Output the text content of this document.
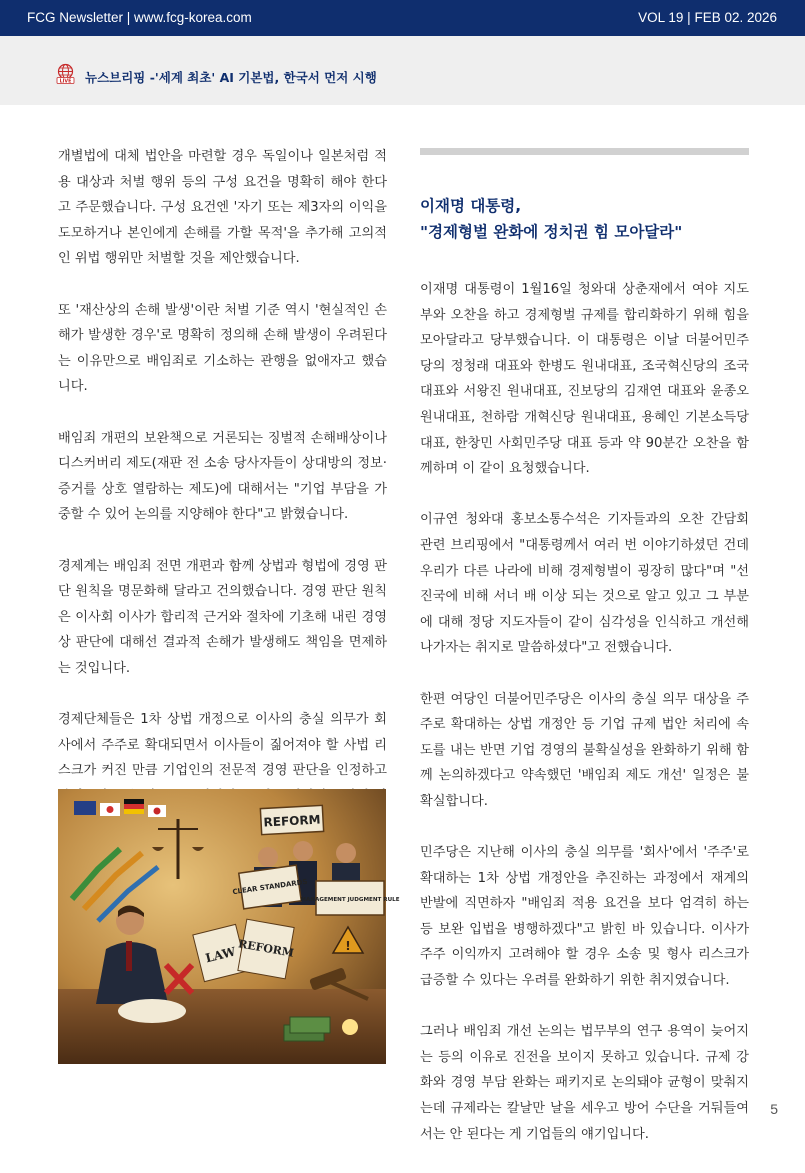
FCG Newsletter | www.fcg-korea.com	VOL 19 | FEB 02. 2026
LIVE 뉴스브리핑 -'세계 최초' AI 기본법, 한국서 먼저 시행

개별법에 대체 법안을 마련할 경우 독일이나 일본처럼 적용 대상과 처벌 행위 등의 구성 요건을 명확히 해야 한다고 주문했습니다. 구성 요건엔 '자기 또는 제3자의 이익을 도모하거나 본인에게 손해를 가할 목적'을 추가해 고의적인 위법 행위만 처벌할 것을 제안했습니다.

또 '재산상의 손해 발생'이란 처벌 기준 역시 '현실적인 손해가 발생한 경우'로 명확히 정의해 손해 발생이 우려된다는 이유만으로 배임죄로 기소하는 관행을 없애자고 했습니다.

배임죄 개편의 보완책으로 거론되는 징벌적 손해배상이나 디스커버리 제도(재판 전 소송 당사자들이 상대방의 정보·증거를 상호 열람하는 제도)에 대해서는 "기업 부담을 가중할 수 있어 논의를 지양해야 한다"고 밝혔습니다.

경제계는 배임죄 전면 개편과 함께 상법과 형법에 경영 판단 원칙을 명문화해 달라고 건의했습니다. 경영 판단 원칙은 이사회 이사가 합리적 근거와 절차에 기초해 내린 경영상 판단에 대해선 결과적 손해가 발생해도 책임을 면제하는 것입니다.

경제단체들은 1차 상법 개정으로 이사의 충실 의무가 회사에서 주주로 확대되면서 이사들이 짊어져야 할 사법 리스크가 커진 만큼 기업인의 전문적 경영 판단을 인정하고

REFORM
CLEAR STANDARDS
MANAGEMENT JUDGMENT RULE
LAW REFORM	!
이재명 대통령,
"경제형벌 완화에 정치권 힘 모아달라"

이재명 대통령이 1월16일 청와대 상춘재에서 여야 지도부와 오찬을 하고 경제형벌 규제를 합리화하기 위해 힘을 모아달라고 당부했습니다. 이 대통령은 이날 더불어민주당의 정청래 대표와 한병도 원내대표, 조국혁신당의 조국 대표와 서왕진 원내대표, 진보당의 김재연 대표와 윤종오 원내대표, 천하람 개혁신당 원내대표, 용혜인 기본소득당 대표, 한창민 사회민주당 대표 등과 약 90분간 오찬을 함께하며 이 같이 요청했습니다.

이규연 청와대 홍보소통수석은 기자들과의 오찬 간담회 관련 브리핑에서 "대통령께서 여러 번 이야기하셨던 건데 우리가 다른 나라에 비해 경제형벌이 굉장히 많다"며 "선진국에 비해 서너 배 이상 되는 것으로 알고 있고 그 부분에 대해 정당 지도자들이 같이 심각성을 인식하고 개선해 나가자는 취지로 말씀하셨다"고 전했습니다.

한편 여당인 더불어민주당은 이사의 충실 의무 대상을 주주로 확대하는 상법 개정안 등 기업 규제 법안 처리에 속도를 내는 반면 기업 경영의 불확실성을 완화하기 위해 함께 논의하겠다고 약속했던 '배임죄 제도 개선' 일정은 불확실합니다.

민주당은 지난해 이사의 충실 의무를 '회사'에서 '주주'로 확대하는 1차 상법 개정안을 추진하는 과정에서 재계의 반발에 직면하자 "배임죄 적용 요건을 보다 엄격히 하는 등 보완 입법을 병행하겠다"고 밝힌 바 있습니다. 이사가 주주 이익까지 고려해야 할 경우 소송 및 형사 리스크가 급증할 수 있다는 우려를 완화하기 위한 취지였습니다.

그러나 배임죄 개선 논의는 법무부의 연구 용역이 늦어지는 등의 이유로 진전을 보이지 못하고 있습니다. 규제 강화와 경영 부담 완화는 패키지로 논의돼야 균형이 맞춰지는데 규제라는 칼날만 날을 세우고 방어 수단을 거둬들여서는 안 된다는 게 기업들의 얘기입니다.

5
